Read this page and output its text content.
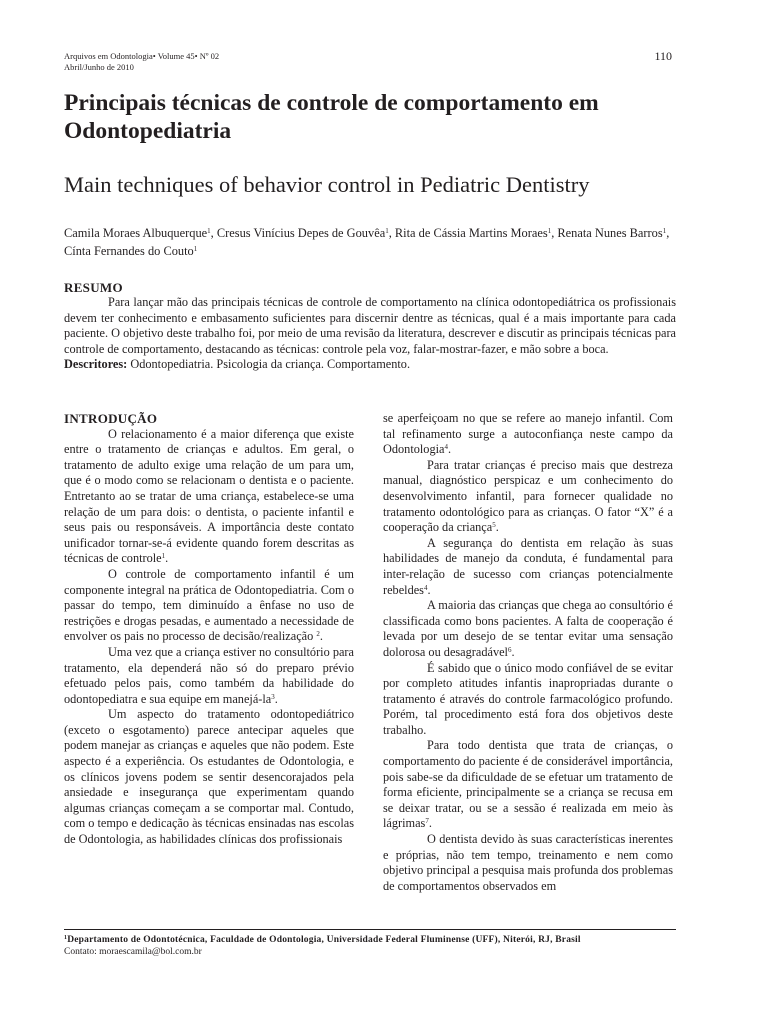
Arquivos em Odontologia• Volume 45• Nº 02
Abril/Junho de 2010
110
Principais técnicas de controle de comportamento em Odontopediatria
Main techniques of behavior control in Pediatric Dentistry
Camila Moraes Albuquerque$^1$, Cresus Vinícius Depes de Gouvêa$^1$, Rita de Cássia Martins Moraes$^1$, Renata Nunes Barros$^1$, Cínta Fernandes do Couto$^1$
RESUMO

Para lançar mão das principais técnicas de controle de comportamento na clínica odontopediátrica os profissionais devem ter conhecimento e embasamento suficientes para discernir dentre as técnicas, qual é a mais importante para cada paciente. O objetivo deste trabalho foi, por meio de uma revisão da literatura, descrever e discutir as principais técnicas para controle de comportamento, destacando as técnicas: controle pela voz, falar-mostrar-fazer, e mão sobre a boca.

Descritores: Odontopediatria. Psicologia da criança. Comportamento.

INTRODUÇÃO

O relacionamento é a maior diferença que existe entre o tratamento de crianças e adultos. Em geral, o tratamento de adulto exige uma relação de um para um, que é o modo como se relacionam o dentista e o paciente. Entretanto ao se tratar de uma criança, estabelece-se uma relação de um para dois: o dentista, o paciente infantil e seus pais ou responsáveis. A importância deste contato unificador tornar-se-á evidente quando forem descritas as técnicas de controle$^1$.

O controle de comportamento infantil é um componente integral na prática de Odontopediatria. Com o passar do tempo, tem diminuído a ênfase no uso de restrições e drogas pesadas, e aumentado a necessidade de envolver os pais no processo de decisão/realização $^2$.

Uma vez que a criança estiver no consultório para tratamento, ela dependerá não só do preparo prévio efetuado pelos pais, como também da habilidade do odontopediatra e sua equipe em manejá-$la^3$.

Um aspecto do tratamento odontopediátrico (exceto o esgotamento) parece antecipar aqueles que podem manejar as crianças e aqueles que não podem. Este aspecto é a experiência. Os estudantes de Odontologia, e os clínicos jovens podem se sentir desencorajados pela ansiedade e insegurança que experimentam quando algumas crianças começam a se comportar mal. Contudo, com o tempo e dedicação às técnicas ensinadas nas escolas de Odontologia, as habilidades clínicas dos profissionais

se aperfeiçoam no que se refere ao manejo infantil. Com tal refinamento surge a autoconfiança neste campo da Odontologia$^4$.

Para tratar crianças é preciso mais que destreza manual, diagnóstico perspicaz e um conhecimento do desenvolvimento infantil, para fornecer qualidade no tratamento odontológico para as crianças. O fator “X” é a cooperação da criança$^5$.

A segurança do dentista em relação às suas habilidades de manejo da conduta, é fundamental para inter-relação de sucesso com crianças potencialmente rebeldes$^4$.

A maioria das crianças que chega ao consultório é classificada como bons pacientes. A falta de cooperação é levada por um desejo de se tentar evitar uma sensação dolorosa ou desagradável$^6$.

É sabido que o único modo confiável de se evitar por completo atitudes infantis inapropriadas durante o tratamento é através do controle farmacológico profundo. Porém, tal procedimento está fora dos objetivos deste trabalho.

Para todo dentista que trata de crianças, o comportamento do paciente é de considerável importância, pois sabe-se da dificuldade de se efetuar um tratamento de forma eficiente, principalmente se a criança se recusa em se deixar tratar, ou se a sessão é realizada em meio às lágrimas$^7$.

O dentista devido às suas características inerentes e próprias, não tem tempo, treinamento e nem como objetivo principal a pesquisa mais profunda dos problemas de comportamentos observados em

$^1$Departamento de Odontotécnica, Faculdade de Odontologia, Universidade Federal Fluminense (UFF), Niterói, RJ, Brasil
Contato: moraescamila@bol.com.br
